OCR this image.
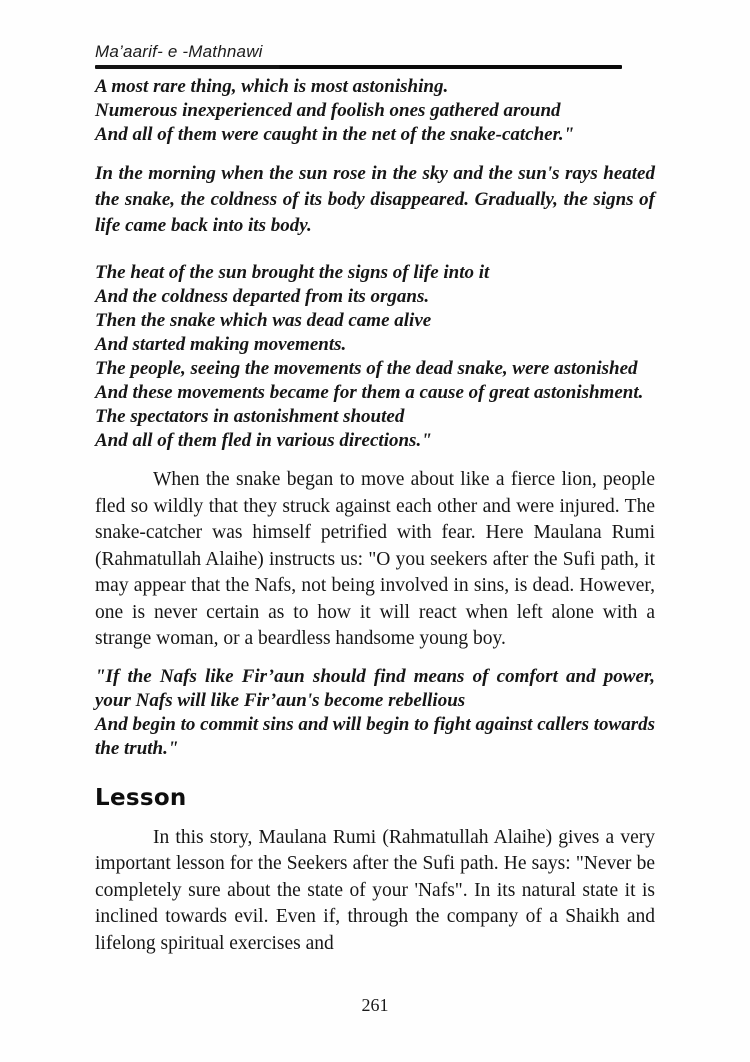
Ma’aarif- e -Mathnawi
A most rare thing, which is most astonishing.
Numerous inexperienced and foolish ones gathered around
And all of them were caught in the net of the snake-catcher."
In the morning when the sun rose in the sky and the sun's rays heated the snake, the coldness of its body disappeared. Gradually, the signs of life came back into its body.
The heat of the sun brought the signs of life into it
And the coldness departed from its organs.
Then the snake which was dead came alive
And started making movements.
The people, seeing the movements of the dead snake, were astonished
And these movements became for them a cause of great astonishment.
The spectators in astonishment shouted
And all of them fled in various directions."
When the snake began to move about like a fierce lion, people fled so wildly that they struck against each other and were injured. The snake-catcher was himself petrified with fear. Here Maulana Rumi (Rahmatullah Alaihe) instructs us: "O you seekers after the Sufi path, it may appear that the Nafs, not being involved in sins, is dead. However, one is never certain as to how it will react when left alone with a strange woman, or a beardless handsome young boy.
"If the Nafs like Fir’aun should find means of comfort and power, your Nafs will like Fir’aun's become rebellious
And begin to commit sins and will begin to fight against callers towards the truth."
Lesson
In this story, Maulana Rumi (Rahmatullah Alaihe) gives a very important lesson for the Seekers after the Sufi path. He says: "Never be completely sure about the state of your 'Nafs". In its natural state it is inclined towards evil. Even if, through the company of a Shaikh and lifelong spiritual exercises and
261
